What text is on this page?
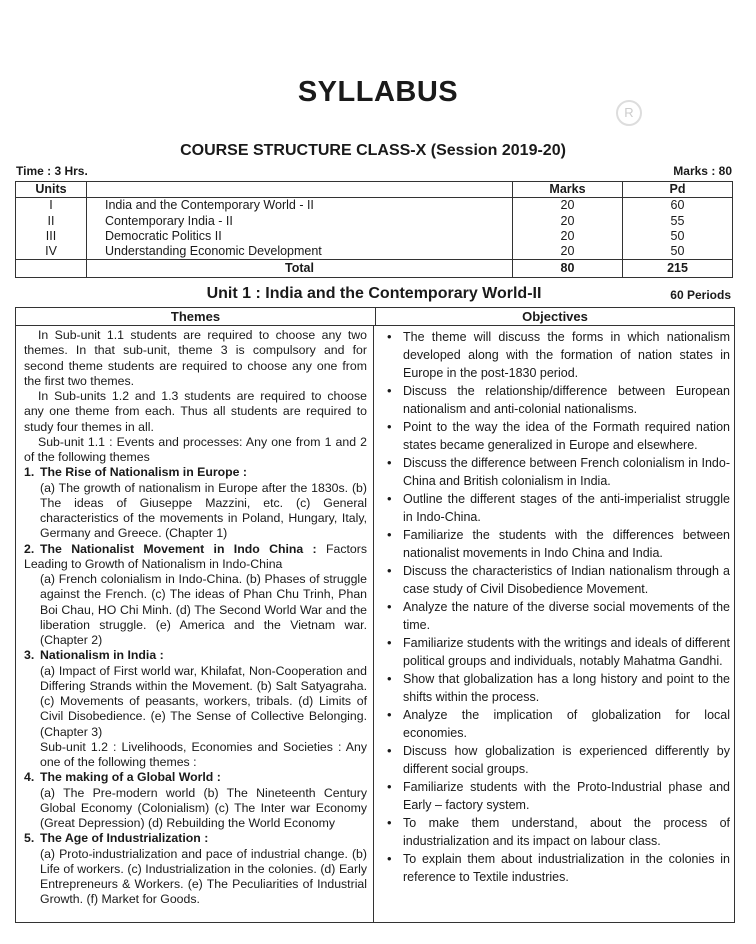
R
SYLLABUS
COURSE STRUCTURE CLASS-X (Session 2019-20)
Time : 3 Hrs.	Marks : 80
Units		Marks	Pd
I	India and the Contemporary World - II	20	60
II	Contemporary India - II	20	55
III	Democratic Politics II	20	50
IV	Understanding Economic Development	20	50
	Total	80	215
Unit 1 : India and the Contemporary World-II	60 Periods
Themes	Objectives

In Sub-unit 1.1 students are required to choose any two themes. In that sub-unit, theme 3 is compulsory and for second theme students are required to choose any one from the first two themes.

In Sub-units 1.2 and 1.3 students are required to choose any one theme from each. Thus all students are required to study four themes in all.

Sub-unit 1.1 : Events and processes: Any one from 1 and 2 of the following themes

1. The Rise of Nationalism in Europe :
(a) The growth of nationalism in Europe after the 1830s. (b) The ideas of Giuseppe Mazzini, etc. (c) General characteristics of the movements in Poland, Hungary, Italy, Germany and Greece. (Chapter 1)
2. The Nationalist Movement in Indo China : Factors Leading to Growth of Nationalism in Indo-China
(a) French colonialism in Indo-China. (b) Phases of struggle against the French. (c) The ideas of Phan Chu Trinh, Phan Boi Chau, HO Chi Minh. (d) The Second World War and the liberation struggle. (e) America and the Vietnam war. (Chapter 2)
3. Nationalism in India :
(a) Impact of First world war, Khilafat, Non-Cooperation and Differing Strands within the Movement. (b) Salt Satyagraha. (c) Movements of peasants, workers, tribals. (d) Limits of Civil Disobedience. (e) The Sense of Collective Belonging. (Chapter 3)
Sub-unit 1.2 : Livelihoods, Economies and Societies : Any one of the following themes :
4. The making of a Global World :
(a) The Pre-modern world (b) The Nineteenth Century Global Economy (Colonialism) (c) The Inter war Economy (Great Depression) (d) Rebuilding the World Economy
5. The Age of Industrialization :
(a) Proto-industrialization and pace of industrial change. (b) Life of workers. (c) Industrialization in the colonies. (d) Early Entrepreneurs & Workers. (e) The Peculiarities of Industrial Growth. (f) Market for Goods.

• The theme will discuss the forms in which nationalism developed along with the formation of nation states in Europe in the post-1830 period.

• Discuss the relationship/difference between European nationalism and anti-colonial nationalisms.

• Point to the way the idea of the Formath required nation states became generalized in Europe and elsewhere.

• Discuss the difference between French colonialism in Indo-China and British colonialism in India.

• Outline the different stages of the anti-imperialist struggle in Indo-China.

• Familiarize the students with the differences between nationalist movements in Indo China and India.

• Discuss the characteristics of Indian nationalism through a case study of Civil Disobedience Movement.

• Analyze the nature of the diverse social movements of the time.

• Familiarize students with the writings and ideals of different political groups and individuals, notably Mahatma Gandhi.

• Show that globalization has a long history and point to the shifts within the process.

• Analyze the implication of globalization for local economies.

• Discuss how globalization is experienced differently by different social groups.

• Familiarize students with the Proto-Industrial phase and Early – factory system.

• To make them understand, about the process of industrialization and its impact on labour class.

• To explain them about industrialization in the colonies in reference to Textile industries.
